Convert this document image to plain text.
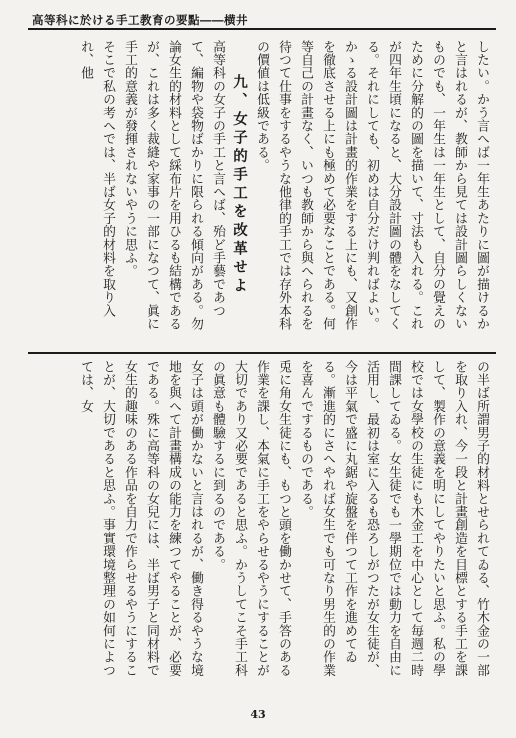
高等科に於ける手工教育の要點――横井

したい。かう言へば一年生あたりに圖が描けるかと言はれるが、教師から見ては設計圖らしくないものでも、一年生は一年生として、自分の覺えのために分解的の圖を描いて、寸法も入れる。これが四年生頃になると、大分設計圖の體をなしてくる。それにしても、初めは自分だけ判ればよい。

かゝる設計圖は計畫的作業をする上にも、又創作を徹底させる上にも極めて必要なことである。何等自己の計畫なく、いつも教師から與へられるを待つて仕事をするやうな他律的手工では存外本科の價値は低級である。

九、女子的手工を改革せよ

高等科の女子の手工と言へば、殆ど手藝であつて、編物や袋物ばかりに限られる傾向がある。勿論女生的材料として綵布片を用ひるも結構であるが、これは多く裁縫や家事の一部になつて、眞に手工的意義が發揮されないやうに思ふ。

そこで私の考へでは、半ば女子的材料を取り入れ、他

の半ば所謂男子的材料とせられてゐる、竹木金の一部を取り入れ、今一段と計畫創造を目標とする手工を課して、製作の意義を明にしてやりたいと思ふ。私の學校では女學校の生徒にも木金工を中心として毎週二時間課してゐる。女生徒でも一學期位では動力を自由に活用し、最初は室に入るも恐ろしがつたが女生徒が、今は平氣で盛に丸鋸や旋盤を伴つて工作を進めてゐる。漸進的にさへやれば女生でも可なり男生的の作業を喜んでするものである。

兎に角女生徒にも、もつと頭を働かせて、手答のある作業を課し、本氣に手工をやらせるやうにすることが大切であり又必要であると思ふ。かうしてこそ手工科の眞意も體驗するに到るのである。

女子は頭が働かないと言はれるが、働き得るやうな境地を與へて計畫構成の能力を練つてやることが、必要である。殊に高等科の女兒には、半ば男子と同材料で女生的趣味のある作品を自力で作らせるやうにすることが、大切であると思ふ。事實環境整理の如何によつては、女

43
